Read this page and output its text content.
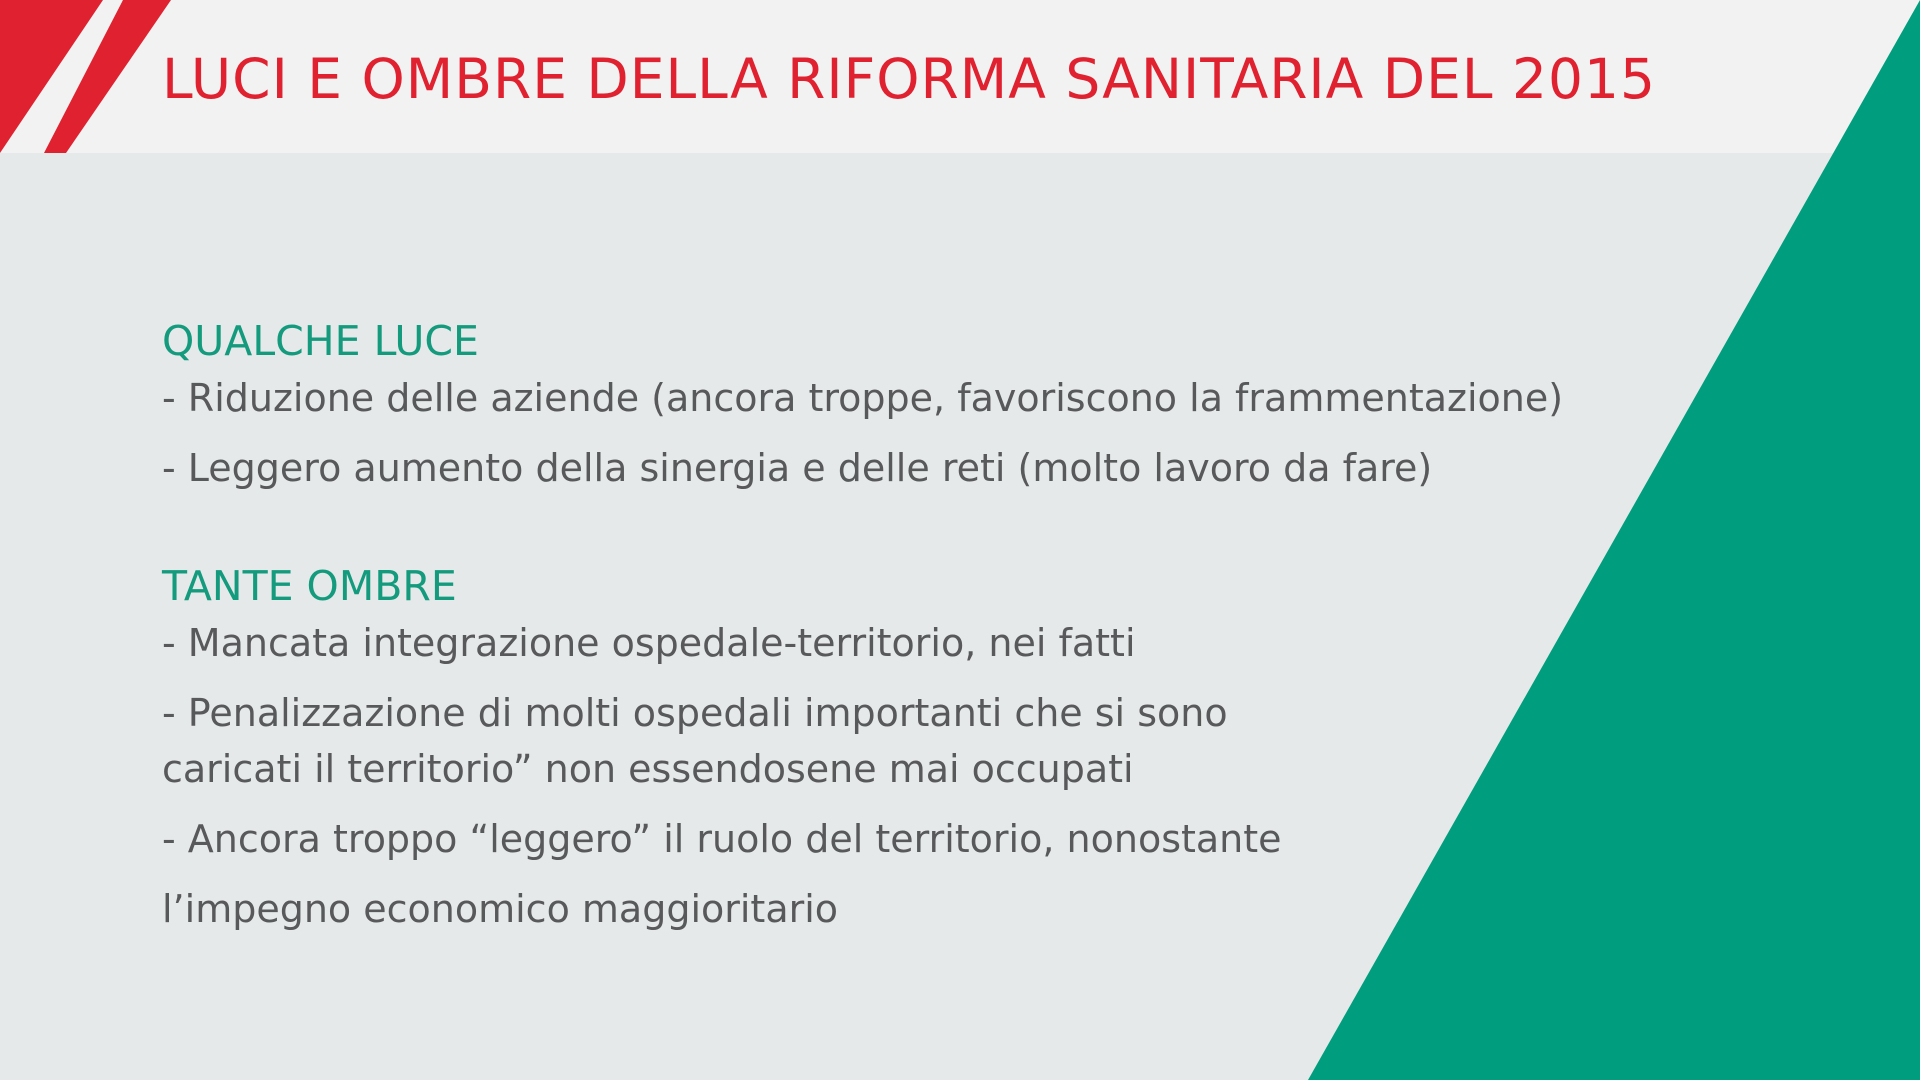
LUCI E OMBRE DELLA RIFORMA SANITARIA DEL 2015
QUALCHE LUCE

- Riduzione delle aziende (ancora troppe, favoriscono la frammentazione)

- Leggero aumento della sinergia e delle reti (molto lavoro da fare)

TANTE OMBRE

- Mancata integrazione ospedale-territorio, nei fatti

- Penalizzazione di molti ospedali importanti che si sono

caricati il territorio” non essendosene mai occupati

- Ancora troppo “leggero” il ruolo del territorio, nonostante

l’impegno economico maggioritario
